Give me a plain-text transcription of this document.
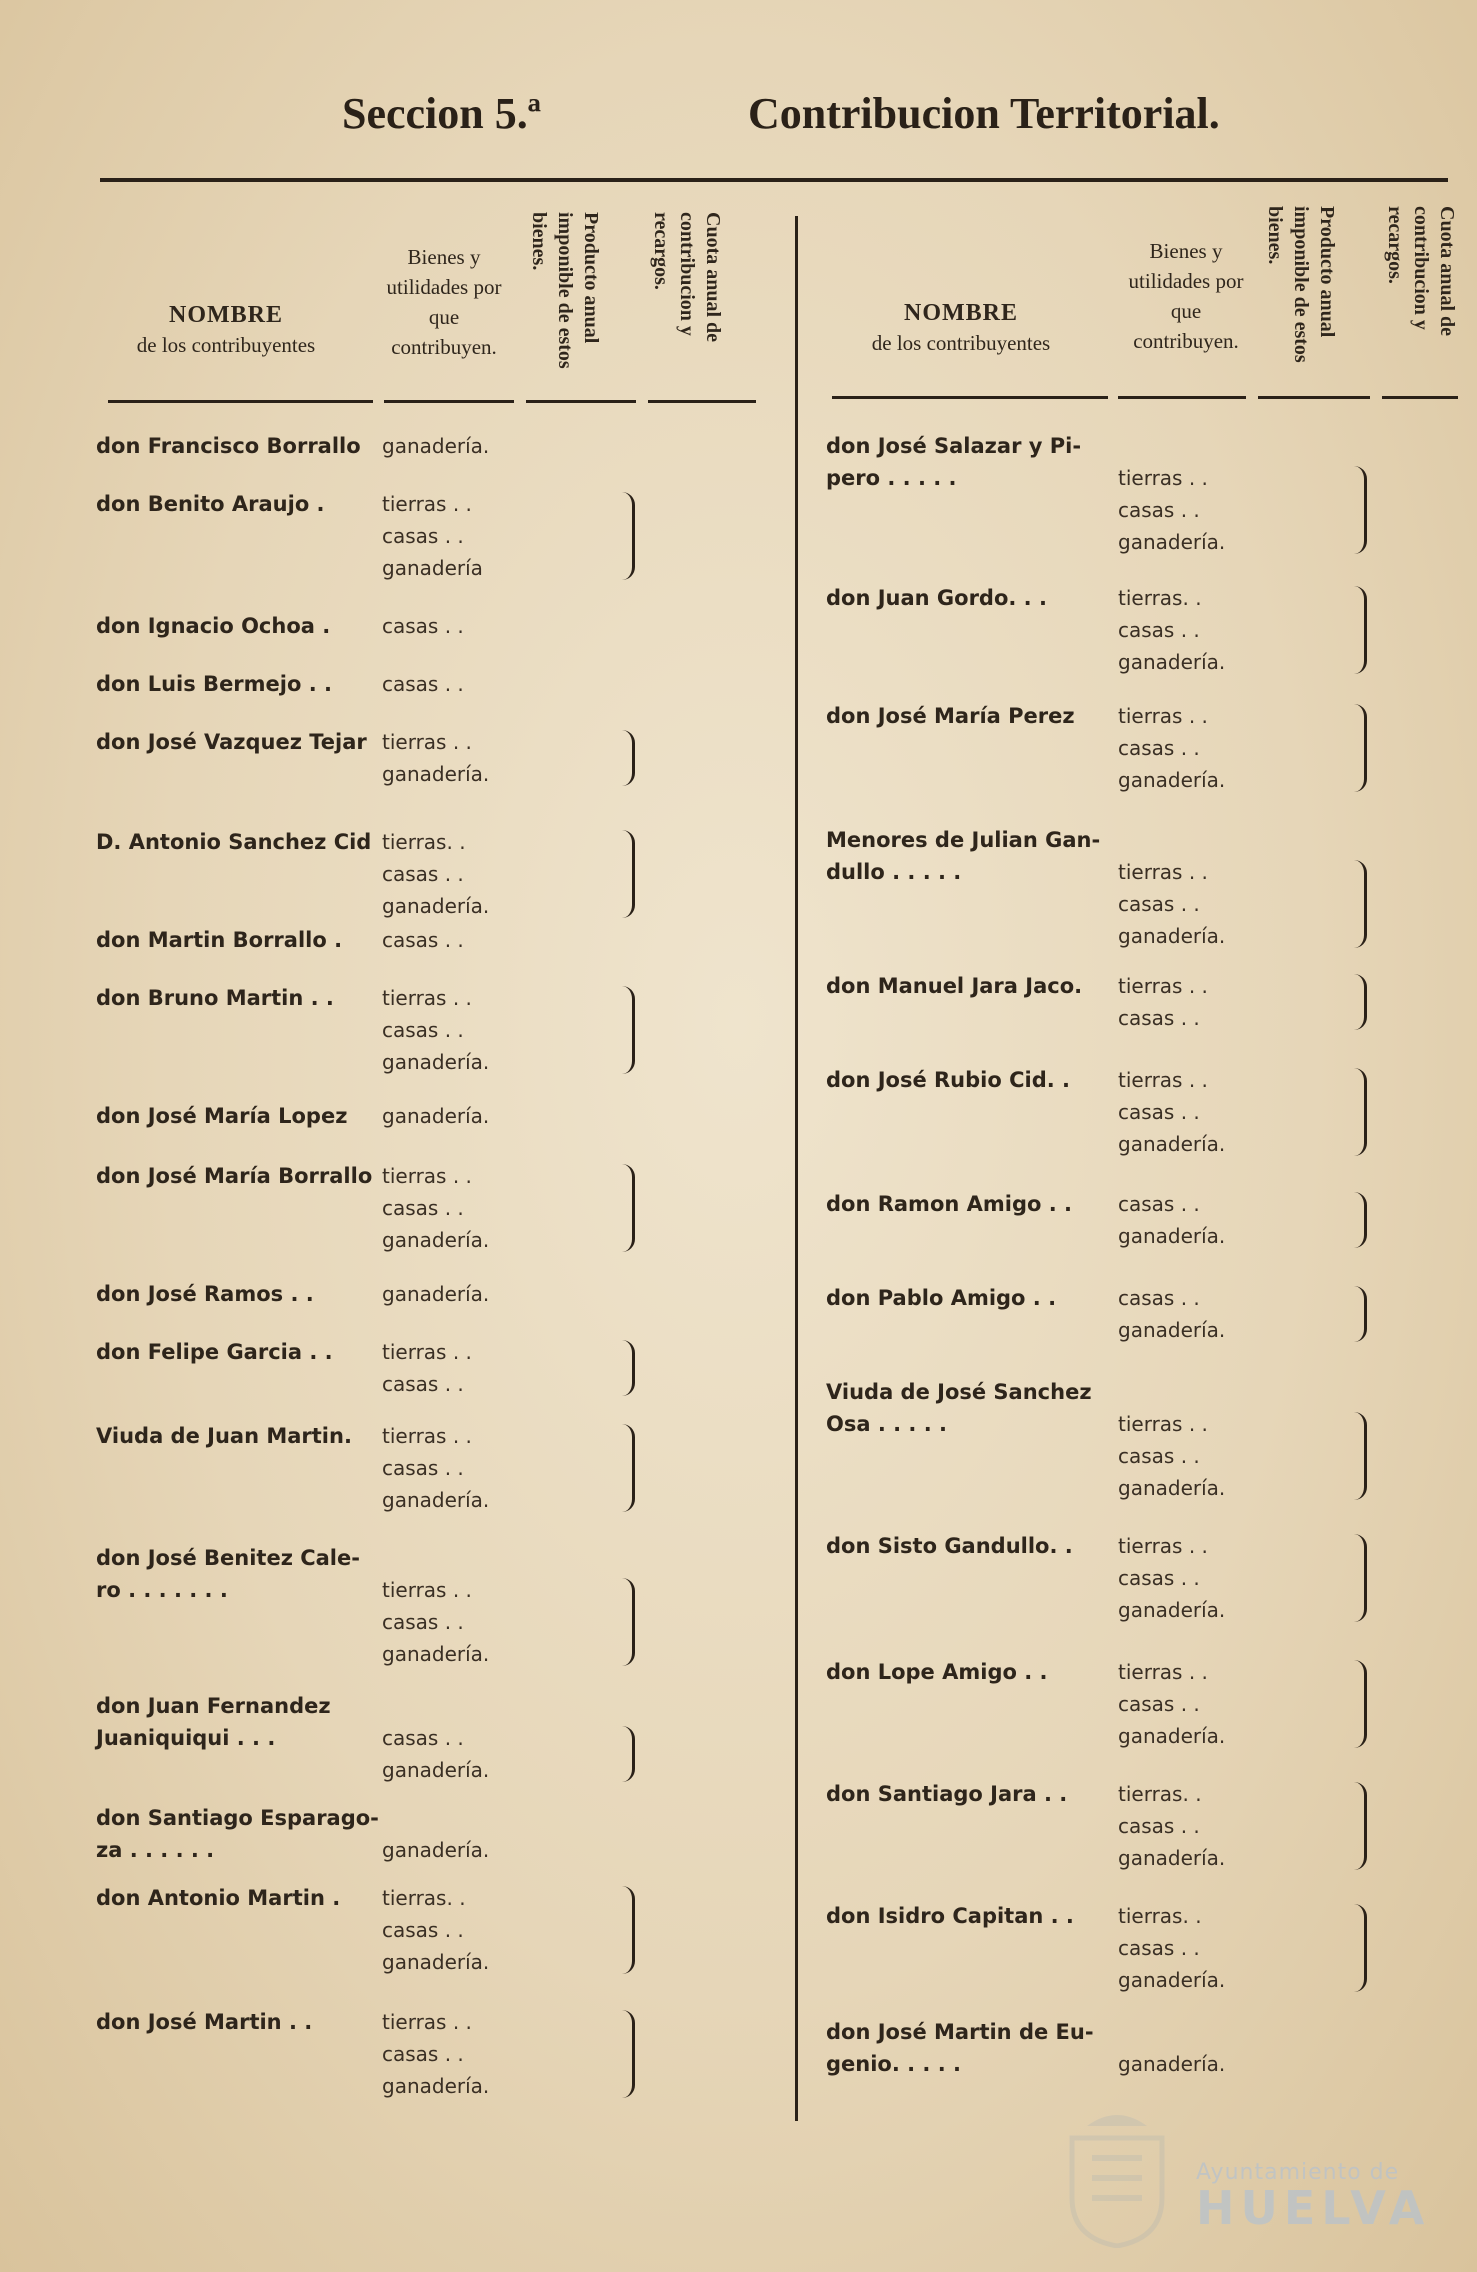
Seccion 5.ª	Contribucion Territorial.
NOMBRE
de los contribuyentes
Bienes y utilidades por que contribuyen.
Producto anual imponible de estos bienes.	Cuota anual de contribucion y recargos.
NOMBRE
de los contribuyentes
Bienes y utilidades por que contribuyen.
Producto anual imponible de estos bienes.	Cuota anual de contribucion y recargos.
don Francisco Borrallo ganadería.
don Benito Araujo .	tierras . .
casas . .
ganadería
don Ignacio Ochoa .	casas . .
don Luis Bermejo . .	casas . .
don José Vazquez Tejar tierras . .
ganadería.
D. Antonio Sanchez Cid tierras. .
casas . .
ganadería.
don Martin Borrallo . casas . .
don Bruno Martin . . tierras . .
casas . .
ganadería.
don José María Lopez ganadería.
don José María Borrallo tierras . .
casas . .
ganadería.
don José Ramos . .	ganadería.
don Felipe Garcia . . tierras . .
casas . .
Viuda de Juan Martin. tierras . .
casas . .
ganadería.
don José Benitez Cale-
ro . . . . . . .	tierras . .
casas . .
ganadería.
don Juan Fernandez
Juaniquiqui . . .	casas . .
ganadería.
don Santiago Esparago-
za . . . . . .	ganadería.
don Antonio Martin . tierras. .
casas . .
ganadería.
don José Martin . .	tierras . .
casas . .
ganadería.
don José Salazar y Pi-
pero . . . . .	tierras . .
casas . .
ganadería.
don Juan Gordo. . .	tierras. .
casas . .
ganadería.
don José María Perez tierras . .
casas . .
ganadería.
Menores de Julian Gan-
dullo . . . . .	tierras . .
casas . .
ganadería.
don Manuel Jara Jaco. tierras . .
casas . .
don José Rubio Cid. . tierras . .
casas . .
ganadería.
don Ramon Amigo . . casas . .
ganadería.
don Pablo Amigo . .	casas . .
ganadería.
Viuda de José Sanchez
Osa . . . . .	tierras . .
casas . .
ganadería.
don Sisto Gandullo. . tierras . .
casas . .
ganadería.
don Lope Amigo . .	tierras . .
casas . .
ganadería.
don Santiago Jara . .	tierras. .
casas . .
ganadería.
don Isidro Capitan . . tierras. .
casas . .
ganadería.
don José Martin de Eu-
genio. . . . .	ganadería.
Ayuntamiento de
HUELVA
